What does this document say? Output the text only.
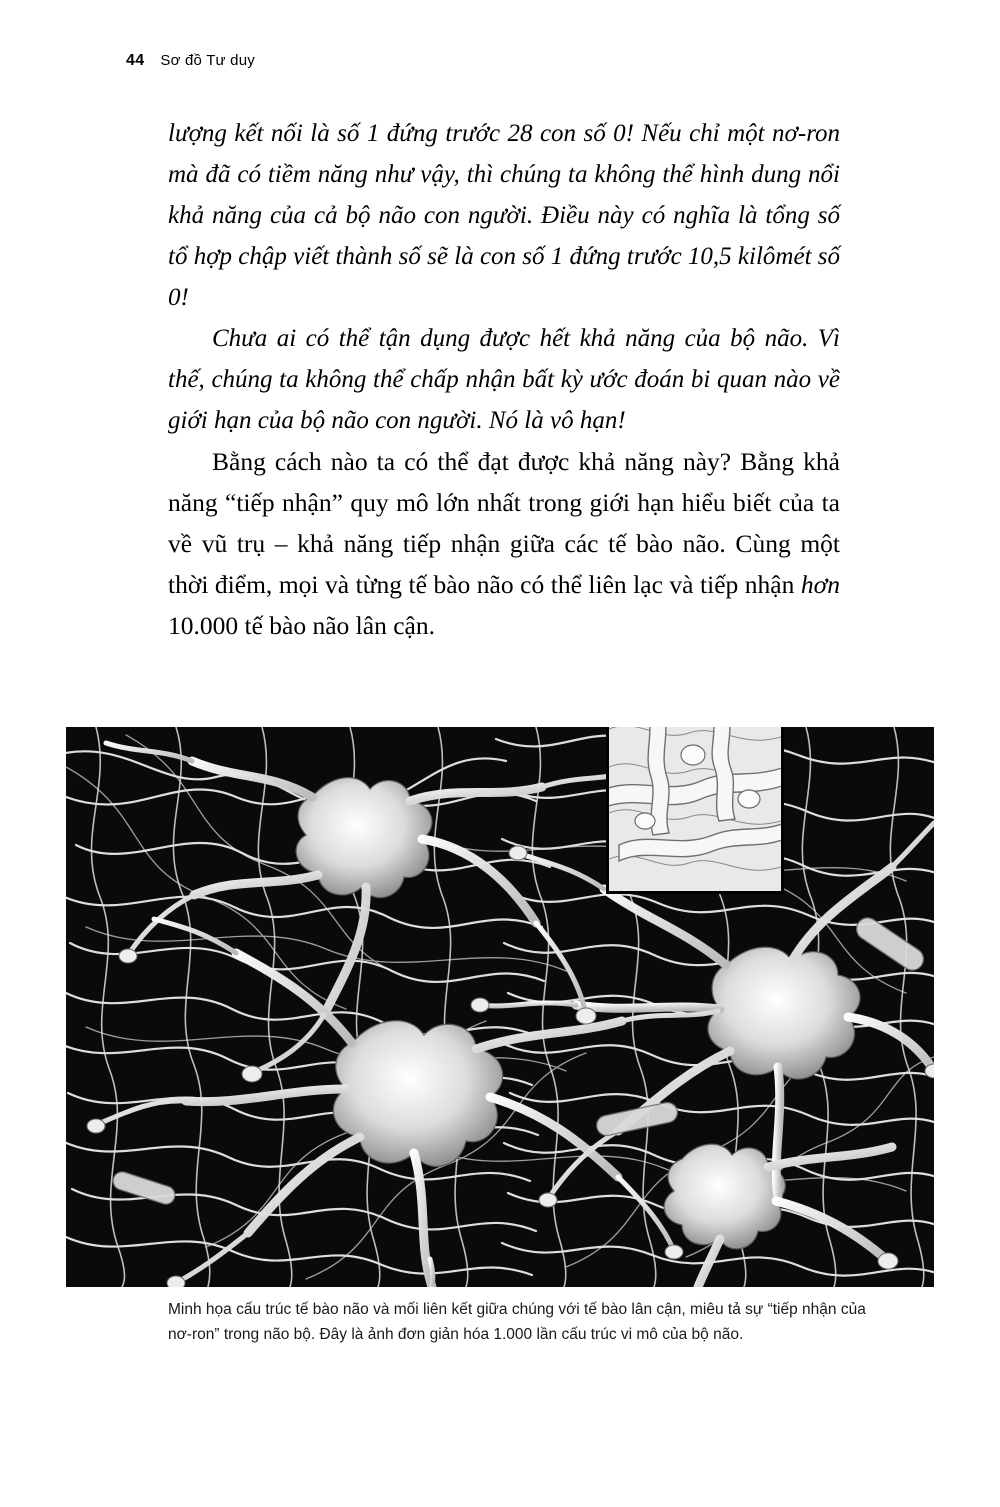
44 Sơ đồ Tư duy

lượng kết nối là số 1 đứng trước 28 con số 0! Nếu chỉ một nơ-ron mà đã có tiềm năng như vậy, thì chúng ta không thể hình dung nổi khả năng của cả bộ não con người. Điều này có nghĩa là tổng số tổ hợp chập viết thành số sẽ là con số 1 đứng trước 10,5 kilômét số 0!

Chưa ai có thể tận dụng được hết khả năng của bộ não. Vì thế, chúng ta không thể chấp nhận bất kỳ ước đoán bi quan nào về giới hạn của bộ não con người. Nó là vô hạn!

Bằng cách nào ta có thể đạt được khả năng này? Bằng khả năng “tiếp nhận” quy mô lớn nhất trong giới hạn hiểu biết của ta về vũ trụ – khả năng tiếp nhận giữa các tế bào não. Cùng một thời điểm, mọi và từng tế bào não có thể liên lạc và tiếp nhận hơn 10.000 tế bào não lân cận.

Minh họa cấu trúc tế bào não và mối liên kết giữa chúng với tế bào lân cận, miêu tả sự “tiếp nhận của nơ-ron” trong não bộ. Đây là ảnh đơn giản hóa 1.000 lần cấu trúc vi mô của bộ não.
